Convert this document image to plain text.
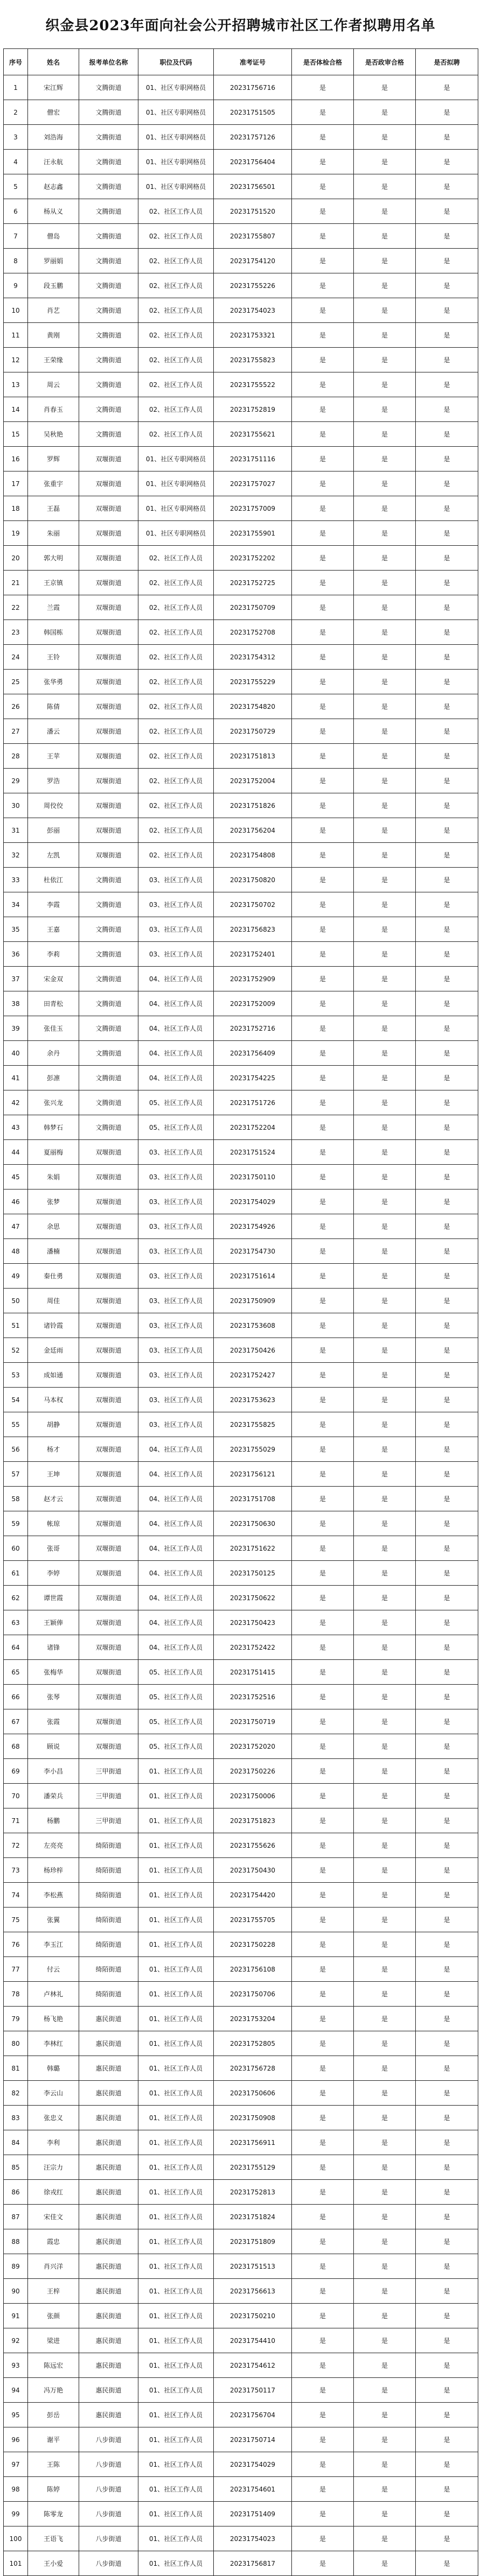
织金县2023年面向社会公开招聘城市社区工作者拟聘用名单
序号	姓名	报考单位名称	职位及代码	准考证号	是否体检合格	是否政审合格	是否拟聘
1	宋江辉	文腾街道	01、社区专职网格员	20231756716	是	是	是
2	僧宏	文腾街道	01、社区专职网格员	20231751505	是	是	是
3	刘浩海	文腾街道	01、社区专职网格员	20231757126	是	是	是
4	汪永航	文腾街道	01、社区专职网格员	20231756404	是	是	是
5	赵志鑫	文腾街道	01、社区专职网格员	20231756501	是	是	是
6	杨从义	文腾街道	02、社区工作人员	20231751520	是	是	是
7	僧岛	文腾街道	02、社区工作人员	20231755807	是	是	是
8	罗丽娟	文腾街道	02、社区工作人员	20231754120	是	是	是
9	段玉鹏	文腾街道	02、社区工作人员	20231755226	是	是	是
10	肖艺	文腾街道	02、社区工作人员	20231754023	是	是	是
11	黄刚	文腾街道	02、社区工作人员	20231753321	是	是	是
12	王荣缘	文腾街道	02、社区工作人员	20231755823	是	是	是
13	周云	文腾街道	02、社区工作人员	20231755522	是	是	是
14	肖春玉	文腾街道	02、社区工作人员	20231752819	是	是	是
15	吴秋艳	文腾街道	02、社区工作人员	20231755621	是	是	是
16	罗辉	双堰街道	01、社区专职网格员	20231751116	是	是	是
17	张重宇	双堰街道	01、社区专职网格员	20231757027	是	是	是
18	王磊	双堰街道	01、社区专职网格员	20231757009	是	是	是
19	朱丽	双堰街道	01、社区专职网格员	20231755901	是	是	是
20	郭大明	双堰街道	02、社区工作人员	20231752202	是	是	是
21	王京镇	双堰街道	02、社区工作人员	20231752725	是	是	是
22	兰霞	双堰街道	02、社区工作人员	20231750709	是	是	是
23	韩国栋	双堰街道	02、社区工作人员	20231752708	是	是	是
24	王铃	双堰街道	02、社区工作人员	20231754312	是	是	是
25	张华勇	双堰街道	02、社区工作人员	20231755229	是	是	是
26	陈倩	双堰街道	02、社区工作人员	20231754820	是	是	是
27	潘云	双堰街道	02、社区工作人员	20231750729	是	是	是
28	王苹	双堰街道	02、社区工作人员	20231751813	是	是	是
29	罗浩	双堰街道	02、社区工作人员	20231752004	是	是	是
30	周佼佼	双堰街道	02、社区工作人员	20231751826	是	是	是
31	彭丽	双堰街道	02、社区工作人员	20231756204	是	是	是
32	左凯	双堰街道	02、社区工作人员	20231754808	是	是	是
33	杜依江	文腾街道	03、社区工作人员	20231750820	是	是	是
34	李霞	文腾街道	03、社区工作人员	20231750702	是	是	是
35	王嘉	文腾街道	03、社区工作人员	20231756823	是	是	是
36	李莉	文腾街道	03、社区工作人员	20231752401	是	是	是
37	宋金双	文腾街道	04、社区工作人员	20231752909	是	是	是
38	田青松	文腾街道	04、社区工作人员	20231752009	是	是	是
39	张佳玉	文腾街道	04、社区工作人员	20231752716	是	是	是
40	余丹	文腾街道	04、社区工作人员	20231756409	是	是	是
41	彭凛	文腾街道	04、社区工作人员	20231754225	是	是	是
42	张兴龙	文腾街道	05、社区工作人员	20231751726	是	是	是
43	韩梦石	文腾街道	05、社区工作人员	20231752204	是	是	是
44	夏丽梅	双堰街道	03、社区工作人员	20231751524	是	是	是
45	朱娟	双堰街道	03、社区工作人员	20231750110	是	是	是
46	张梦	双堰街道	03、社区工作人员	20231754029	是	是	是
47	余思	双堰街道	03、社区工作人员	20231754926	是	是	是
48	潘楠	双堰街道	03、社区工作人员	20231754730	是	是	是
49	秦仕勇	双堰街道	03、社区工作人员	20231751614	是	是	是
50	周佳	双堰街道	03、社区工作人员	20231750909	是	是	是
51	诸铃霞	双堰街道	03、社区工作人员	20231753608	是	是	是
52	金廷雨	双堰街道	03、社区工作人员	20231750426	是	是	是
53	成如通	双堰街道	03、社区工作人员	20231752427	是	是	是
54	马本权	双堰街道	03、社区工作人员	20231753623	是	是	是
55	胡静	双堰街道	03、社区工作人员	20231755825	是	是	是
56	杨才	双堰街道	04、社区工作人员	20231755029	是	是	是
57	王坤	双堰街道	04、社区工作人员	20231756121	是	是	是
58	赵才云	双堰街道	04、社区工作人员	20231751708	是	是	是
59	帐琼	双堰街道	04、社区工作人员	20231750630	是	是	是
60	张哥	双堰街道	04、社区工作人员	20231751622	是	是	是
61	李婷	双堰街道	04、社区工作人员	20231750125	是	是	是
62	谭世霞	双堰街道	04、社区工作人员	20231750622	是	是	是
63	王颖俸	双堰街道	04、社区工作人员	20231750423	是	是	是
64	诸锋	双堰街道	04、社区工作人员	20231752422	是	是	是
65	张梅华	双堰街道	05、社区工作人员	20231751415	是	是	是
66	张琴	双堰街道	05、社区工作人员	20231752516	是	是	是
67	张霞	双堰街道	05、社区工作人员	20231750719	是	是	是
68	顾说	双堰街道	05、社区工作人员	20231752020	是	是	是
69	李小昌	三甲街道	01、社区工作人员	20231750226	是	是	是
70	潘荣兵	三甲街道	01、社区工作人员	20231750006	是	是	是
71	杨鹏	三甲街道	01、社区工作人员	20231751823	是	是	是
72	左亮亮	绮陌街道	01、社区工作人员	20231755626	是	是	是
73	杨珍梓	绮陌街道	01、社区工作人员	20231750430	是	是	是
74	李松燕	绮陌街道	01、社区工作人员	20231754420	是	是	是
75	张翼	绮陌街道	01、社区工作人员	20231755705	是	是	是
76	李玉江	绮陌街道	01、社区工作人员	20231750228	是	是	是
77	付云	绮陌街道	01、社区工作人员	20231756108	是	是	是
78	卢林礼	绮陌街道	01、社区工作人员	20231750706	是	是	是
79	杨飞艳	惠民街道	01、社区工作人员	20231753204	是	是	是
80	李林红	惠民街道	01、社区工作人员	20231752805	是	是	是
81	韩璐	惠民街道	01、社区工作人员	20231756728	是	是	是
82	李云山	惠民街道	01、社区工作人员	20231750606	是	是	是
83	张忠义	惠民街道	01、社区工作人员	20231750908	是	是	是
84	李利	惠民街道	01、社区工作人员	20231756911	是	是	是
85	汪宗力	惠民街道	01、社区工作人员	20231755129	是	是	是
86	徐戎红	惠民街道	01、社区工作人员	20231752813	是	是	是
87	宋佳文	惠民街道	01、社区工作人员	20231751824	是	是	是
88	霞忠	惠民街道	01、社区工作人员	20231751809	是	是	是
89	肖兴洋	惠民街道	01、社区工作人员	20231751513	是	是	是
90	王梓	惠民街道	01、社区工作人员	20231756613	是	是	是
91	张颜	惠民街道	01、社区工作人员	20231750210	是	是	是
92	梁进	惠民街道	01、社区工作人员	20231754410	是	是	是
93	陈远宏	惠民街道	01、社区工作人员	20231754612	是	是	是
94	冯万艳	惠民街道	01、社区工作人员	20231750117	是	是	是
95	彭岳	惠民街道	01、社区工作人员	20231756704	是	是	是
96	谢平	八步街道	01、社区工作人员	20231750714	是	是	是
97	王陈	八步街道	01、社区工作人员	20231754029	是	是	是
98	陈婷	八步街道	01、社区工作人员	20231754601	是	是	是
99	陈零龙	八步街道	01、社区工作人员	20231751409	是	是	是
100	王语飞	八步街道	01、社区工作人员	20231754023	是	是	是
101	王小爱	八步街道	01、社区工作人员	20231756817	是	是	是
